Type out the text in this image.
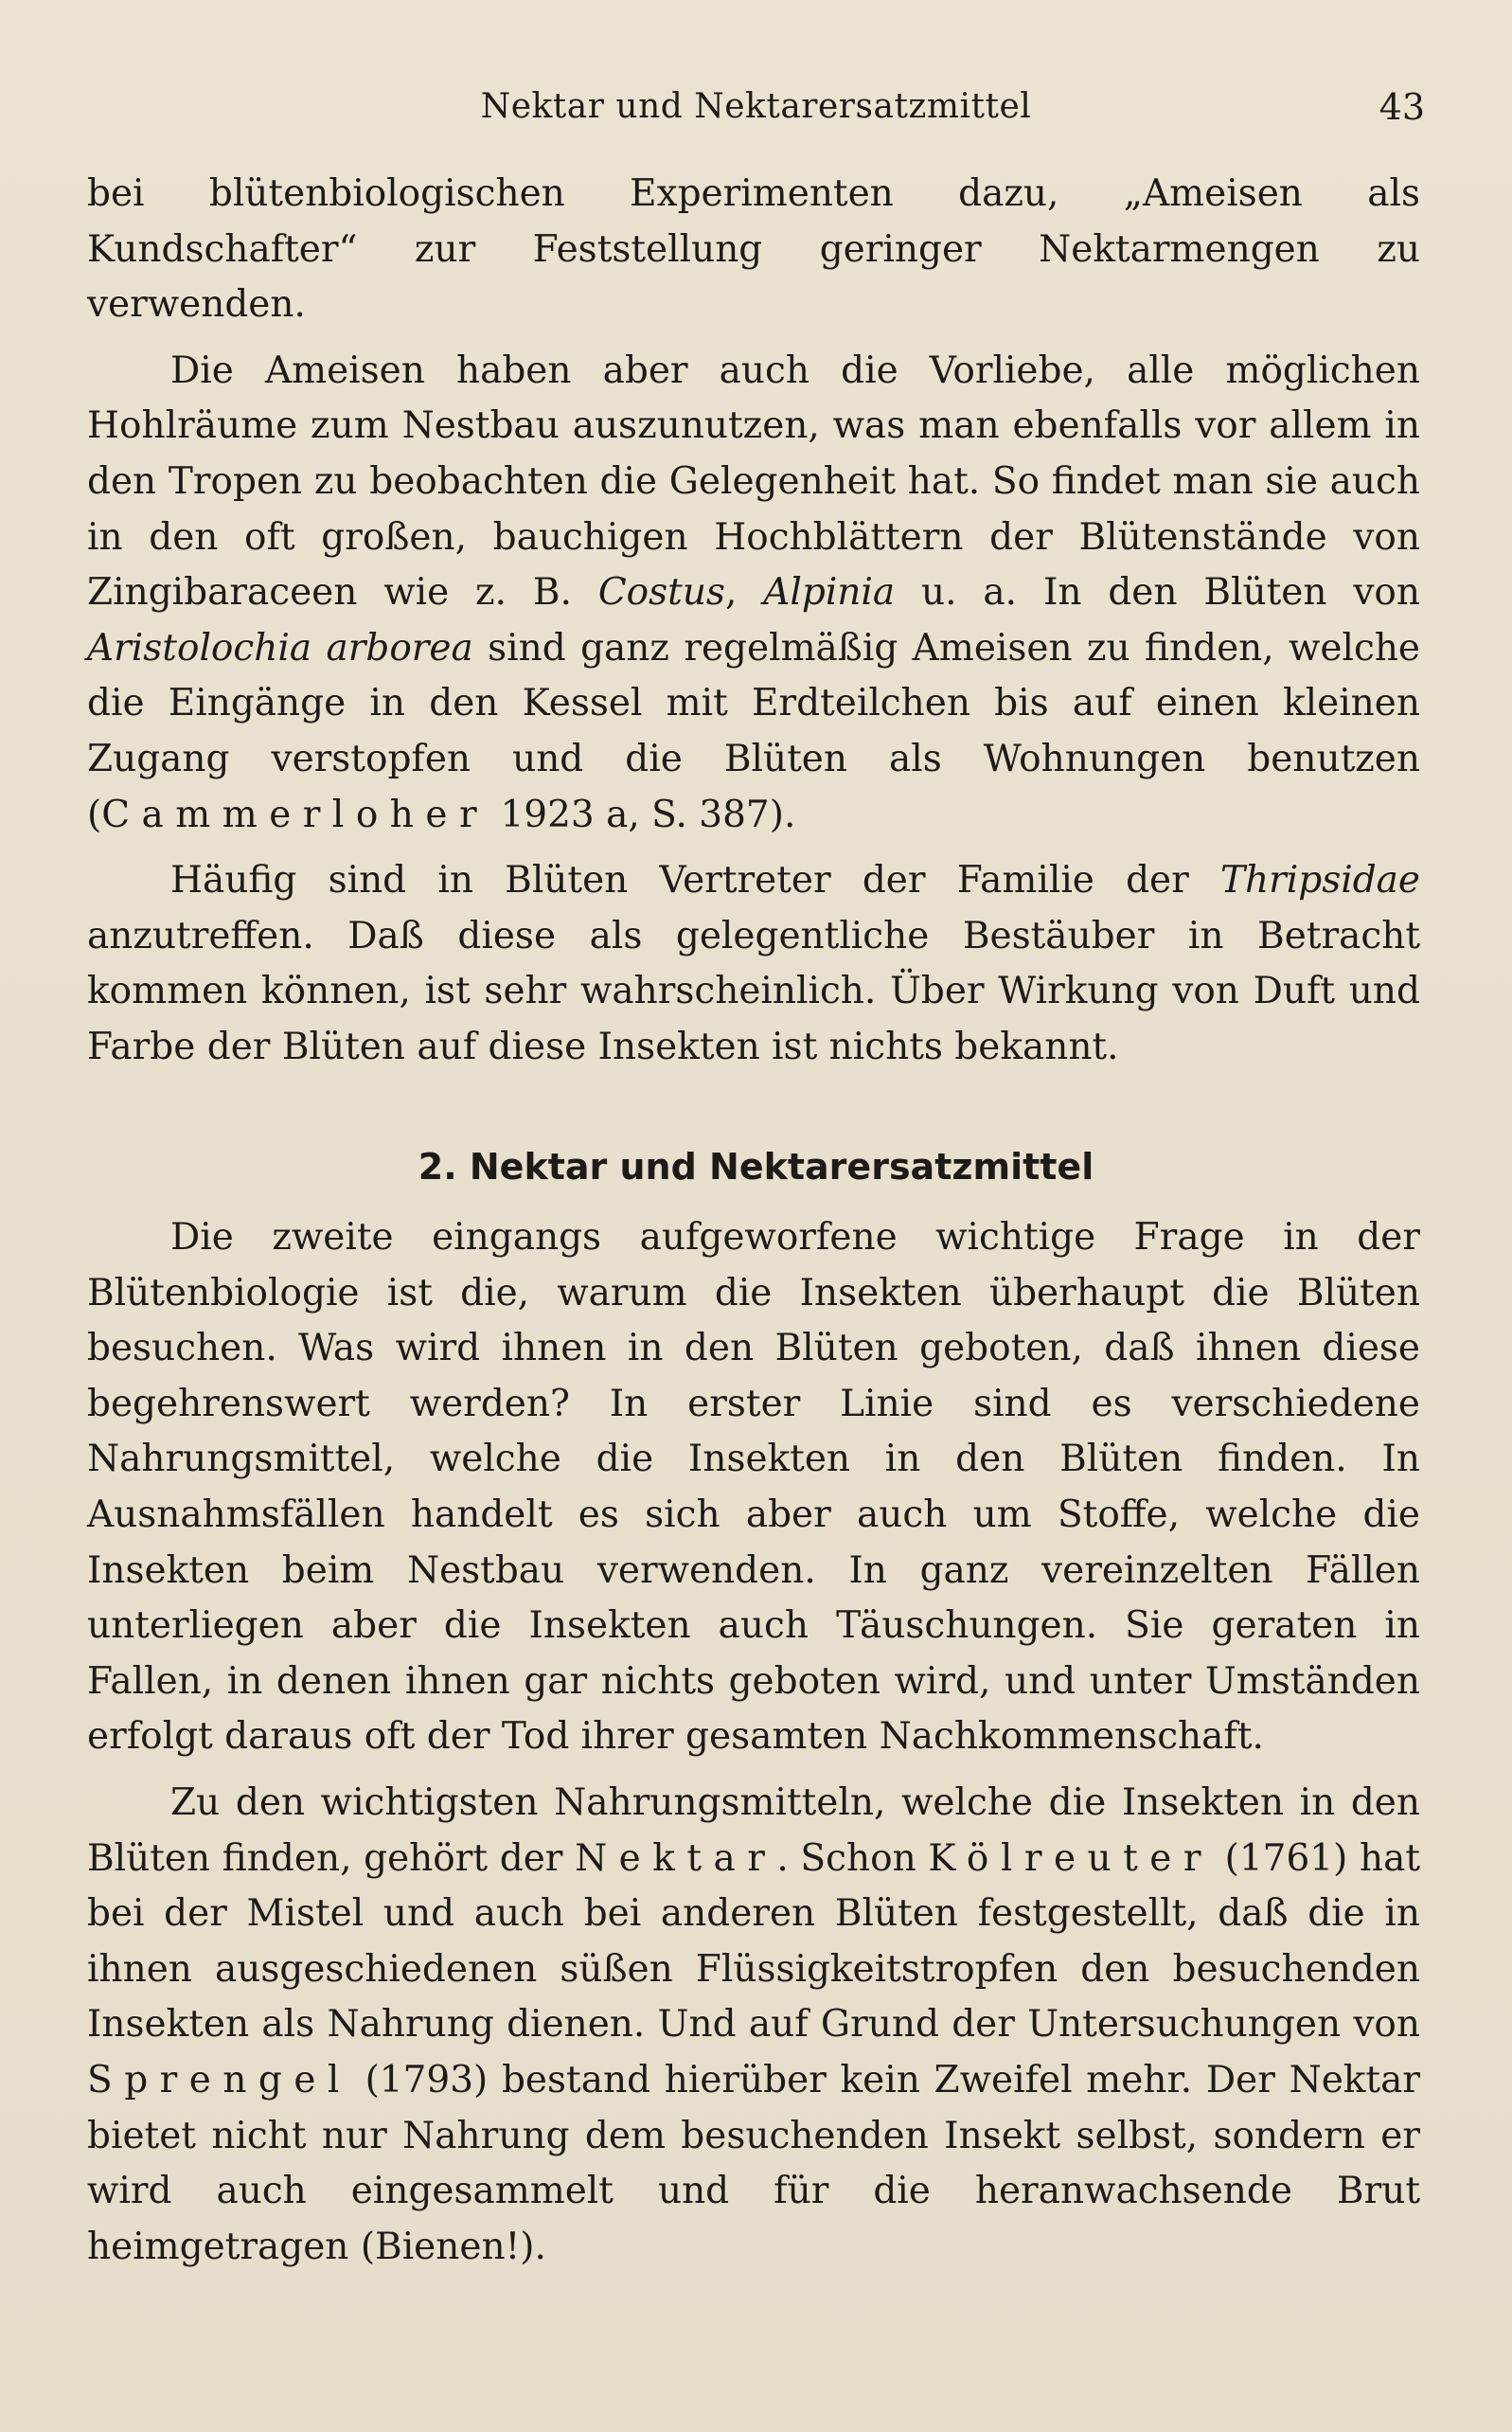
Nektar und Nektarersatzmittel	43

bei blütenbiologischen Experimenten dazu, „Ameisen als Kundschafter“ zur Feststellung geringer Nektarmengen zu verwenden.

Die Ameisen haben aber auch die Vorliebe, alle möglichen Hohlräume zum Nestbau auszunutzen, was man ebenfalls vor allem in den Tropen zu beobachten die Gelegenheit hat. So findet man sie auch in den oft großen, bauchigen Hochblättern der Blütenstände von Zingibaraceen wie z. B. Costus, Alpinia u. a. In den Blüten von Aristolochia arborea sind ganz regelmäßig Ameisen zu finden, welche die Eingänge in den Kessel mit Erdteilchen bis auf einen kleinen Zugang verstopfen und die Blüten als Wohnungen benutzen (Cammerloher 1923 a, S. 387).

Häufig sind in Blüten Vertreter der Familie der Thripsidae anzutreffen. Daß diese als gelegentliche Bestäuber in Betracht kommen können, ist sehr wahrscheinlich. Über Wirkung von Duft und Farbe der Blüten auf diese Insekten ist nichts bekannt.

2. Nektar und Nektarersatzmittel

Die zweite eingangs aufgeworfene wichtige Frage in der Blütenbiologie ist die, warum die Insekten überhaupt die Blüten besuchen. Was wird ihnen in den Blüten geboten, daß ihnen diese begehrenswert werden? In erster Linie sind es verschiedene Nahrungsmittel, welche die Insekten in den Blüten finden. In Ausnahmsfällen handelt es sich aber auch um Stoffe, welche die Insekten beim Nestbau verwenden. In ganz vereinzelten Fällen unterliegen aber die Insekten auch Täuschungen. Sie geraten in Fallen, in denen ihnen gar nichts geboten wird, und unter Umständen erfolgt daraus oft der Tod ihrer gesamten Nachkommenschaft.

Zu den wichtigsten Nahrungsmitteln, welche die Insekten in den Blüten finden, gehört der Nektar. Schon Kölreuter (1761) hat bei der Mistel und auch bei anderen Blüten festgestellt, daß die in ihnen ausgeschiedenen süßen Flüssigkeitstropfen den besuchenden Insekten als Nahrung dienen. Und auf Grund der Untersuchungen von Sprengel (1793) bestand hierüber kein Zweifel mehr. Der Nektar bietet nicht nur Nahrung dem besuchenden Insekt selbst, sondern er wird auch eingesammelt und für die heranwachsende Brut heimgetragen (Bienen!).
